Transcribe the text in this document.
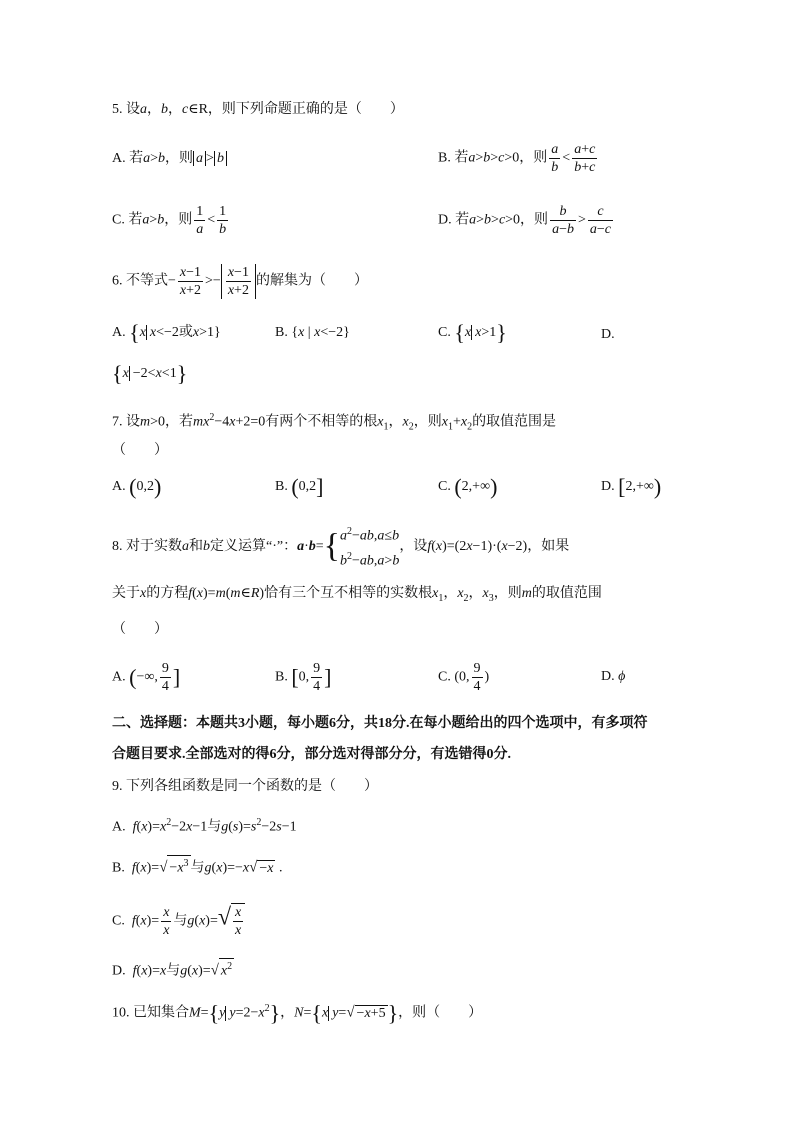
5. 设a，b，c∈R，则下列命题正确的是（　　）
A. 若a>b，则 a > b	B. 若a>b>c>0，则 $\frac{a}{b} < \frac{a+c}{b+c}$
C. 若a>b，则 $\frac{1}{a} < \frac{1}{b}$	D. 若a>b>c>0，则 $\frac{b}{a-b} > \frac{c}{a-c}$
6. 不等式− $\frac{x-1}{x+2} >- \frac{x-1}{x+2}$ 的解集为（　　）
A. {x x<−2或x>1}	B. {x | x<−2}	C. {x x>1}	D.
{x −2<x<1}
7. 设m>0，若$mx^2-4x+2=0$有两个不相等的根$x_1$，$x_2$，则$x_1+x_2$的取值范围是
（　　）
A. (0,2)	B. (0,2]	C. (2,+∞)	D. [2,+∞)
8. 对于实数a和b定义运算“·”：a·b={ $a^2-ab,a\le b$
$b^2-ab,a>b$
，设f(x)=(2x−1)·(x−2)，如果
关于x的方程f(x)=m(m∈R)恰有三个互不相等的实数根$x_1$，$x_2$，$x_3$，则m的取值范围
（　　）
A. (−∞, $\frac{9}{4}$ ]	B. [0, $\frac{9}{4}$ ]	C. (0, $\frac{9}{4}$ )	D. ϕ
二、选择题：本题共3小题，每小题6分，共18分.在每小题给出的四个选项中，有多项符
合题目要求.全部选对的得6分，部分选对得部分分，有选错得0分.
9. 下列各组函数是同一个函数的是（　　）
A.  $f(x)=x^2-2x-1$与$g(s)=s^2-2s-1$
B.  $f(x)=√ -x^3$ 与g(x)=−x√ −x .
C.  $f(x)= \frac{x}{x}$ 与$g(x)=√ \frac{x}{x}$
D.  f(x)=x与g(x)=√ $x^2$
10. 已知集合M={y $y=2-x^2$}，N={x y=√ −x+5}，则（　　）
